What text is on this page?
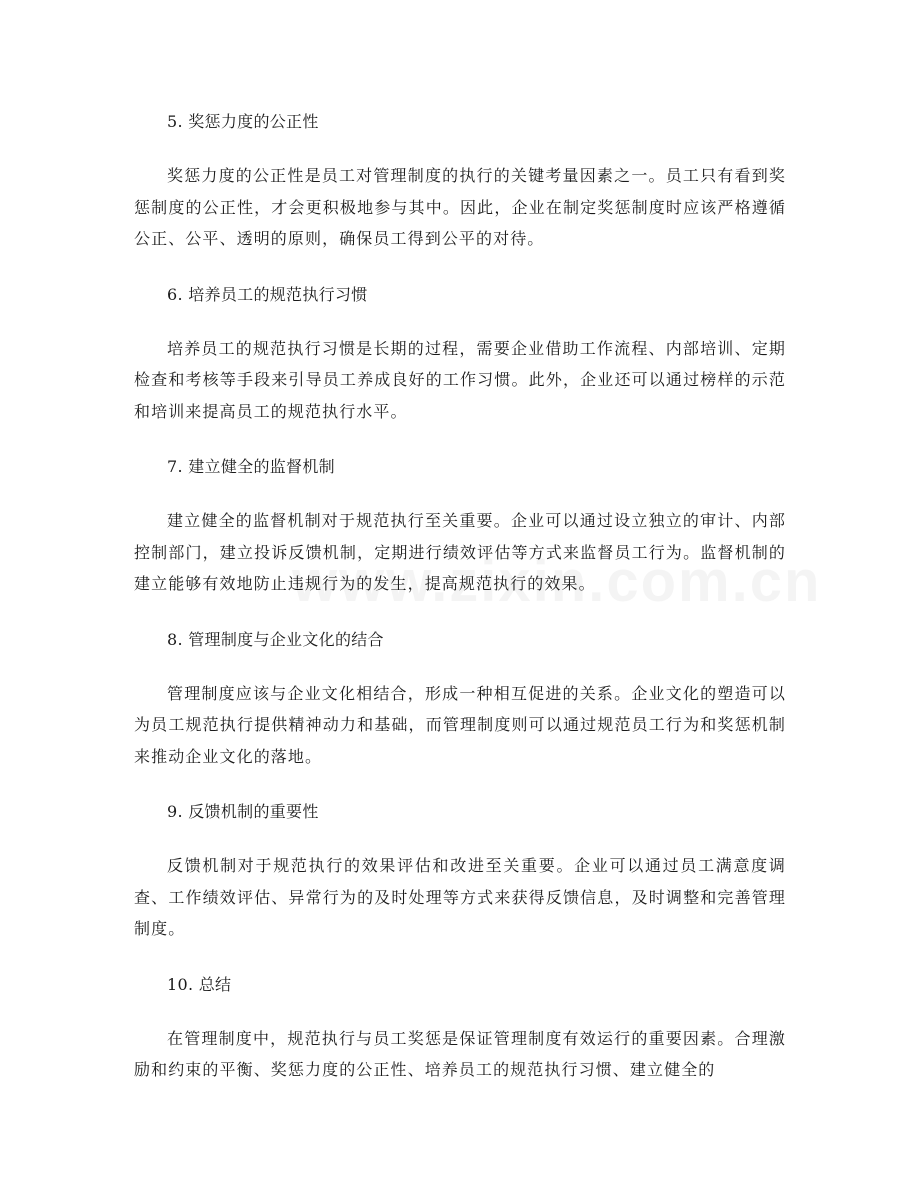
5. 奖惩力度的公正性

奖惩力度的公正性是员工对管理制度的执行的关键考量因素之一。员工只有看到奖惩制度的公正性，才会更积极地参与其中。因此，企业在制定奖惩制度时应该严格遵循公正、公平、透明的原则，确保员工得到公平的对待。

6. 培养员工的规范执行习惯

培养员工的规范执行习惯是长期的过程，需要企业借助工作流程、内部培训、定期检查和考核等手段来引导员工养成良好的工作习惯。此外，企业还可以通过榜样的示范和培训来提高员工的规范执行水平。

7. 建立健全的监督机制

建立健全的监督机制对于规范执行至关重要。企业可以通过设立独立的审计、内部控制部门，建立投诉反馈机制，定期进行绩效评估等方式来监督员工行为。监督机制的建立能够有效地防止违规行为的发生，提高规范执行的效果。

8. 管理制度与企业文化的结合

管理制度应该与企业文化相结合，形成一种相互促进的关系。企业文化的塑造可以为员工规范执行提供精神动力和基础，而管理制度则可以通过规范员工行为和奖惩机制来推动企业文化的落地。

9. 反馈机制的重要性

反馈机制对于规范执行的效果评估和改进至关重要。企业可以通过员工满意度调查、工作绩效评估、异常行为的及时处理等方式来获得反馈信息，及时调整和完善管理制度。

10. 总结

在管理制度中，规范执行与员工奖惩是保证管理制度有效运行的重要因素。合理激励和约束的平衡、奖惩力度的公正性、培养员工的规范执行习惯、建立健全的
